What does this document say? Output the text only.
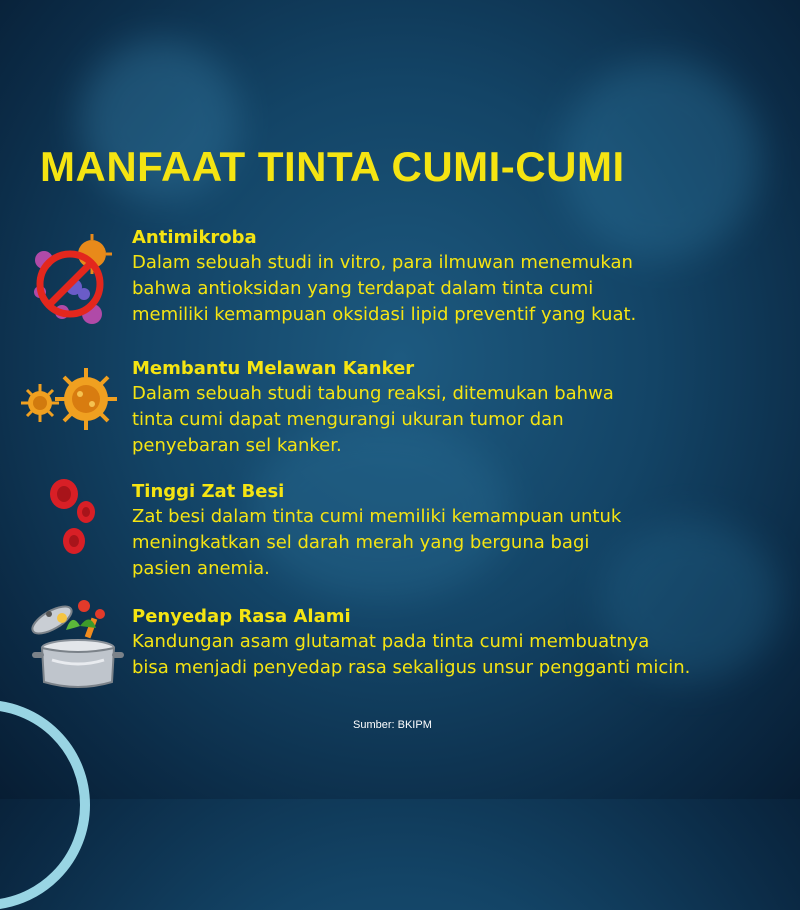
MANFAAT TINTA CUMI-CUMI
Antimikroba
Dalam sebuah studi in vitro, para ilmuwan menemukan
bahwa antioksidan yang terdapat dalam tinta cumi
memiliki kemampuan oksidasi lipid preventif yang kuat.
Membantu Melawan Kanker
Dalam sebuah studi tabung reaksi, ditemukan bahwa
tinta cumi dapat mengurangi ukuran tumor dan
penyebaran sel kanker.
Tinggi Zat Besi
Zat besi dalam tinta cumi memiliki kemampuan untuk
meningkatkan sel darah merah yang berguna bagi
pasien anemia.
Penyedap Rasa Alami
Kandungan asam glutamat pada tinta cumi membuatnya
bisa menjadi penyedap rasa sekaligus unsur pengganti micin.
Sumber: BKIPM
